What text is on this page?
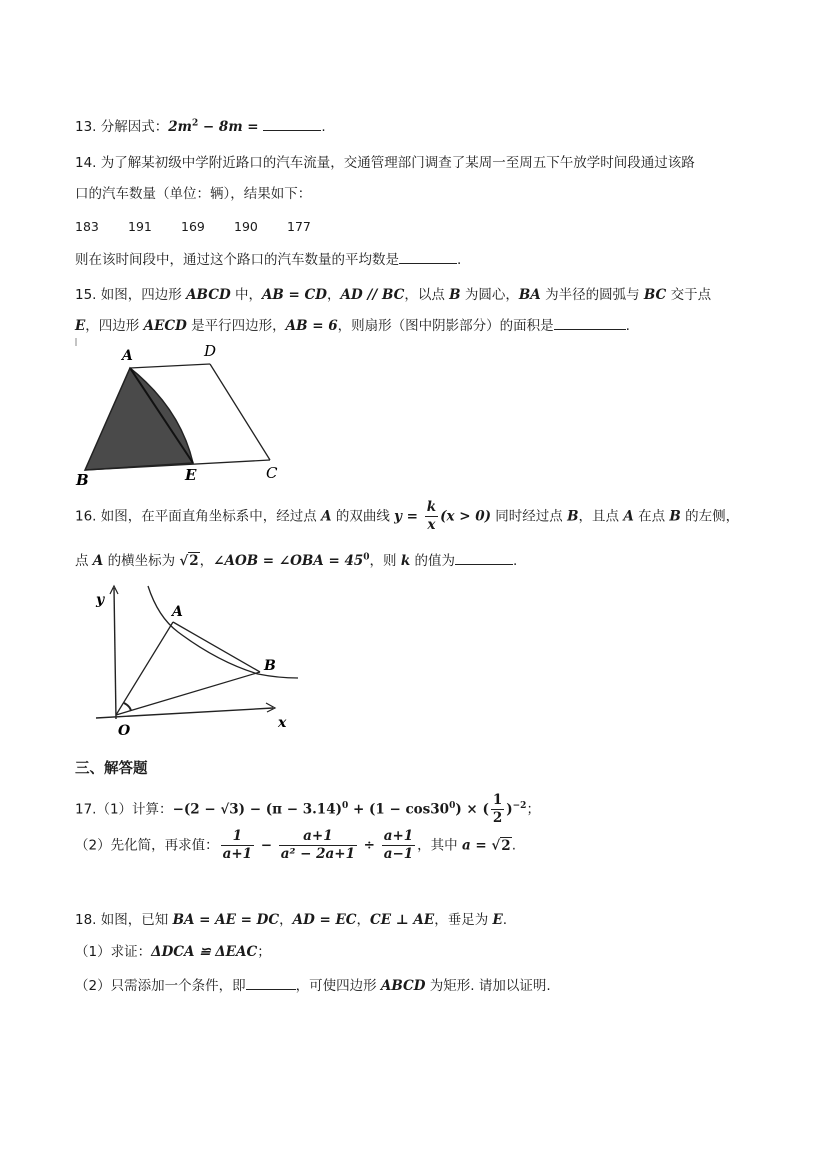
13. 分解因式：$2m^2 - 8m$ =	.
14. 为了解某初级中学附近路口的汽车流量，交通管理部门调查了某周一至周五下午放学时间段通过该路
口的汽车数量（单位：辆），结果如下：
183 191 169 190 177
则在该时间段中，通过这个路口的汽车数量的平均数是	.
15. 如图，四边形 ABCD 中，AB = CD，AD // BC，以点 B 为圆心，BA 为半径的圆弧与 BC 交于点
E，四边形 AECD 是平行四边形，AB = 6，则扇形（图中阴影部分）的面积是	.
A	D
B	E	C
16. 如图，在平面直角坐标系中，经过点 A 的双曲线 $y = \frac{k}{x} (x > 0)$ 同时经过点 B，且点 A 在点 B 的左侧，
点 A 的横坐标为 √2，∠AOB = ∠OBA = $45^0$，则 k 的值为	.
y
A
B
O	x
三、解答题
17.（1）计算：$-(2 - √3) - (\pi - 3.14)^0 + (1 - \cos 30^0)$ × ( $\frac{1}{2} )^{-2}$；
（2）先化简，再求值： $\frac{1}{a+1} - \frac{a+1}{\text{a² − 2a+1}} \div \frac{a+1}{a-1}$ ，其中 a = √2.
18. 如图，已知 BA = AE = DC，AD = EC，CE ⊥ AE，垂足为 E.
（1）求证：ΔDCA ≌ ΔEAC；
（2）只需添加一个条件，即	，可使四边形 ABCD 为矩形. 请加以证明.
